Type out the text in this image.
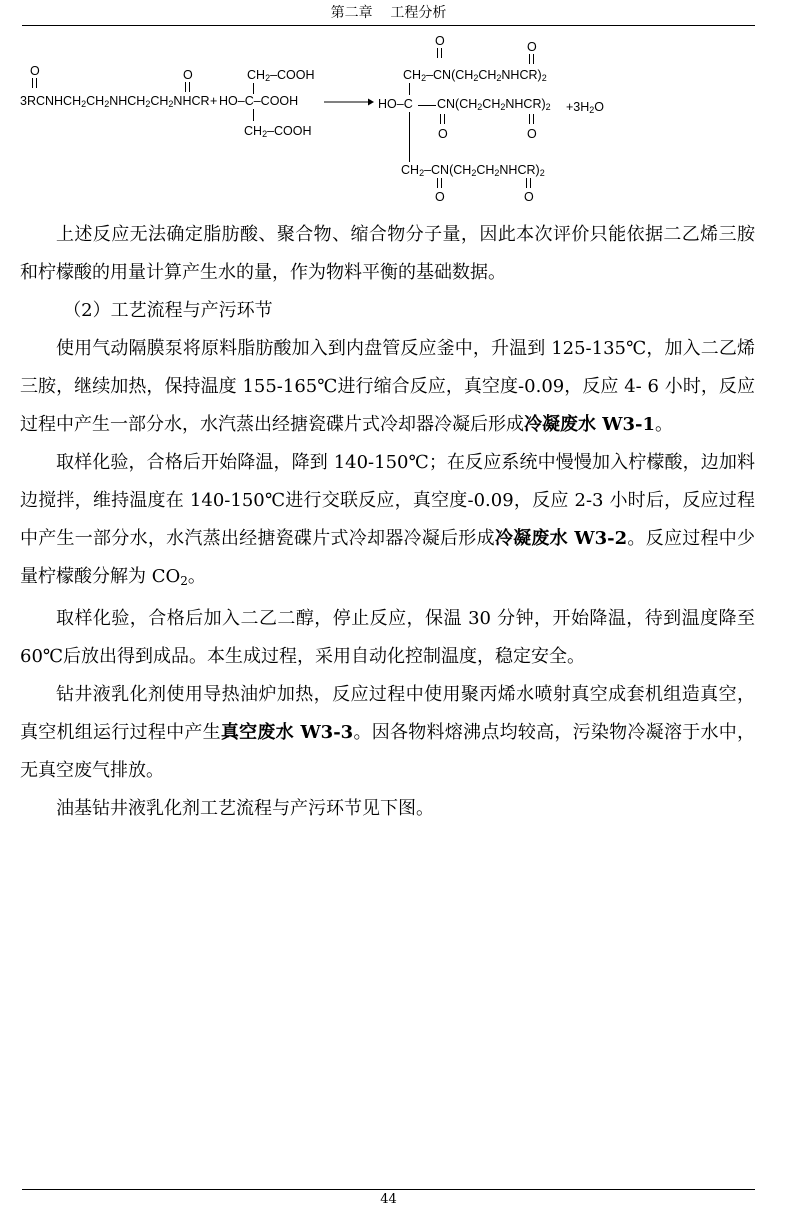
第二章 工程分析
O	O
$3RCNHCH_2CH_2NHCH_2CH_2NHCR$ +
$CH_2$–COOH
HO–C–COOH
$CH_2$–COOH
O	O
$CH_2-CN(CH_2CH_2NHCR)_2$
HO–C $CN(CH_2CH_2NHCR)_2 +3H_2O$
O	O
$CH_2-CN(CH_2CH_2NHCR)_2$
O	O

上述反应无法确定脂肪酸、聚合物、缩合物分子量，因此本次评价只能依据二乙烯三胺和柠檬酸的用量计算产生水的量，作为物料平衡的基础数据。

（2）工艺流程与产污环节

使用气动隔膜泵将原料脂肪酸加入到内盘管反应釜中，升温到 125-135℃，加入二乙烯三胺，继续加热，保持温度 155-165℃进行缩合反应，真空度-0.09，反应 4- 6 小时，反应过程中产生一部分水，水汽蒸出经搪瓷碟片式冷却器冷凝后形成冷凝废水 W3-1。

取样化验，合格后开始降温，降到 140-150℃；在反应系统中慢慢加入柠檬酸，边加料边搅拌，维持温度在 140-150℃进行交联反应，真空度-0.09，反应 2-3 小时后，反应过程中产生一部分水，水汽蒸出经搪瓷碟片式冷却器冷凝后形成冷凝废水 W3-2。反应过程中少量柠檬酸分解为 $CO_2$。

取样化验，合格后加入二乙二醇，停止反应，保温 30 分钟，开始降温，待到温度降至 60℃后放出得到成品。本生成过程，采用自动化控制温度，稳定安全。

钻井液乳化剂使用导热油炉加热，反应过程中使用聚丙烯水喷射真空成套机组造真空，真空机组运行过程中产生真空废水 W3-3。因各物料熔沸点均较高，污染物冷凝溶于水中，无真空废气排放。

油基钻井液乳化剂工艺流程与产污环节见下图。

44
